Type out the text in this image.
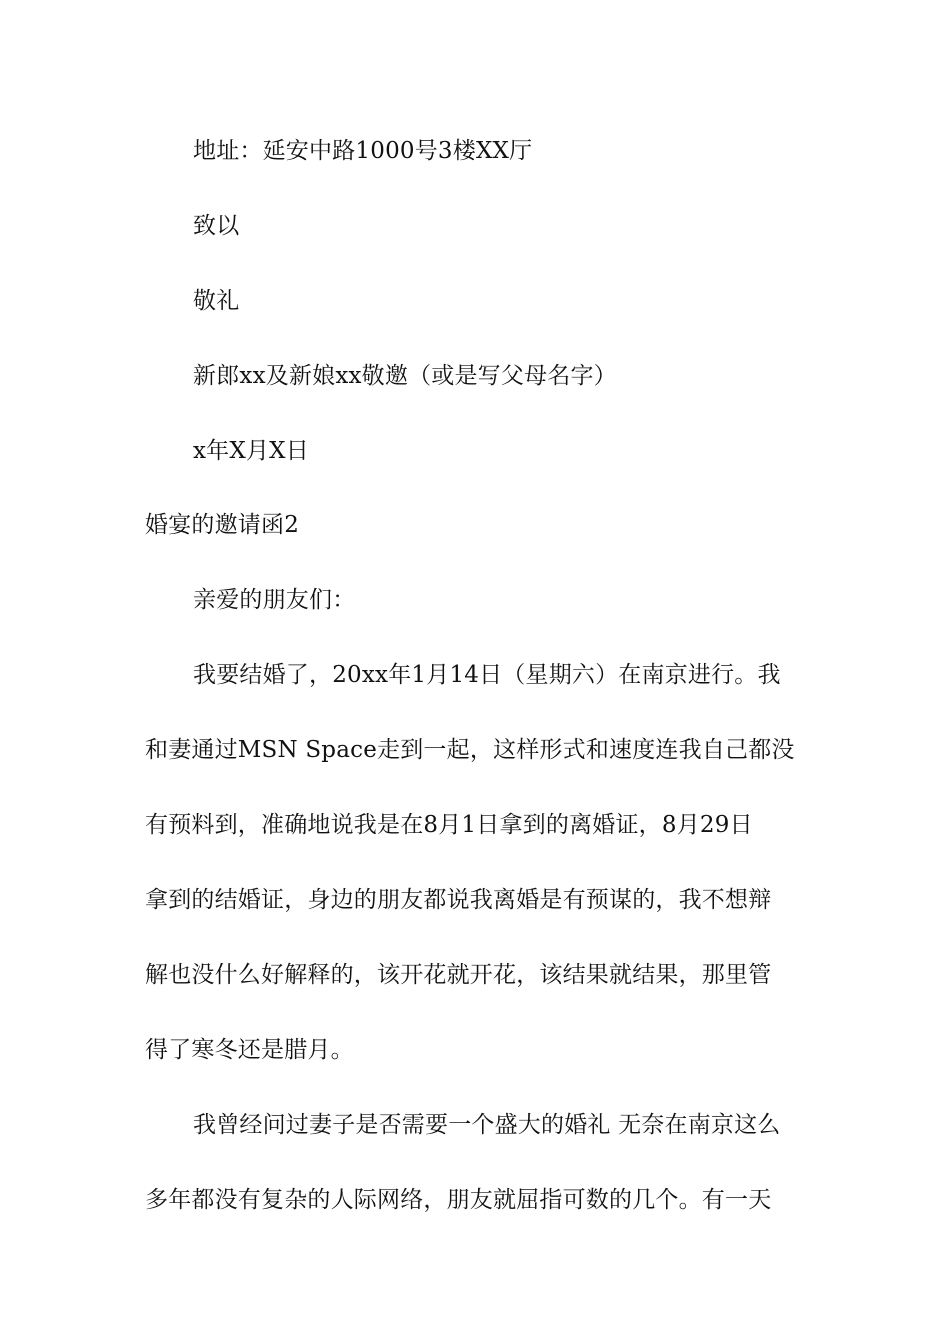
地址：延安中路1000号3楼XX厅
致以
敬礼
新郎xx及新娘xx敬邀（或是写父母名字）
x年X月X日
婚宴的邀请函2
亲爱的朋友们：
我要结婚了，20xx年1月14日（星期六）在南京进行。我
和妻通过MSN Space走到一起，这样形式和速度连我自己都没
有预料到，准确地说我是在8月1日拿到的离婚证，8月29日
拿到的结婚证，身边的朋友都说我离婚是有预谋的，我不想辩
解也没什么好解释的，该开花就开花，该结果就结果，那里管
得了寒冬还是腊月。
我曾经问过妻子是否需要一个盛大的婚礼 无奈在南京这么
多年都没有复杂的人际网络，朋友就屈指可数的几个。有一天
